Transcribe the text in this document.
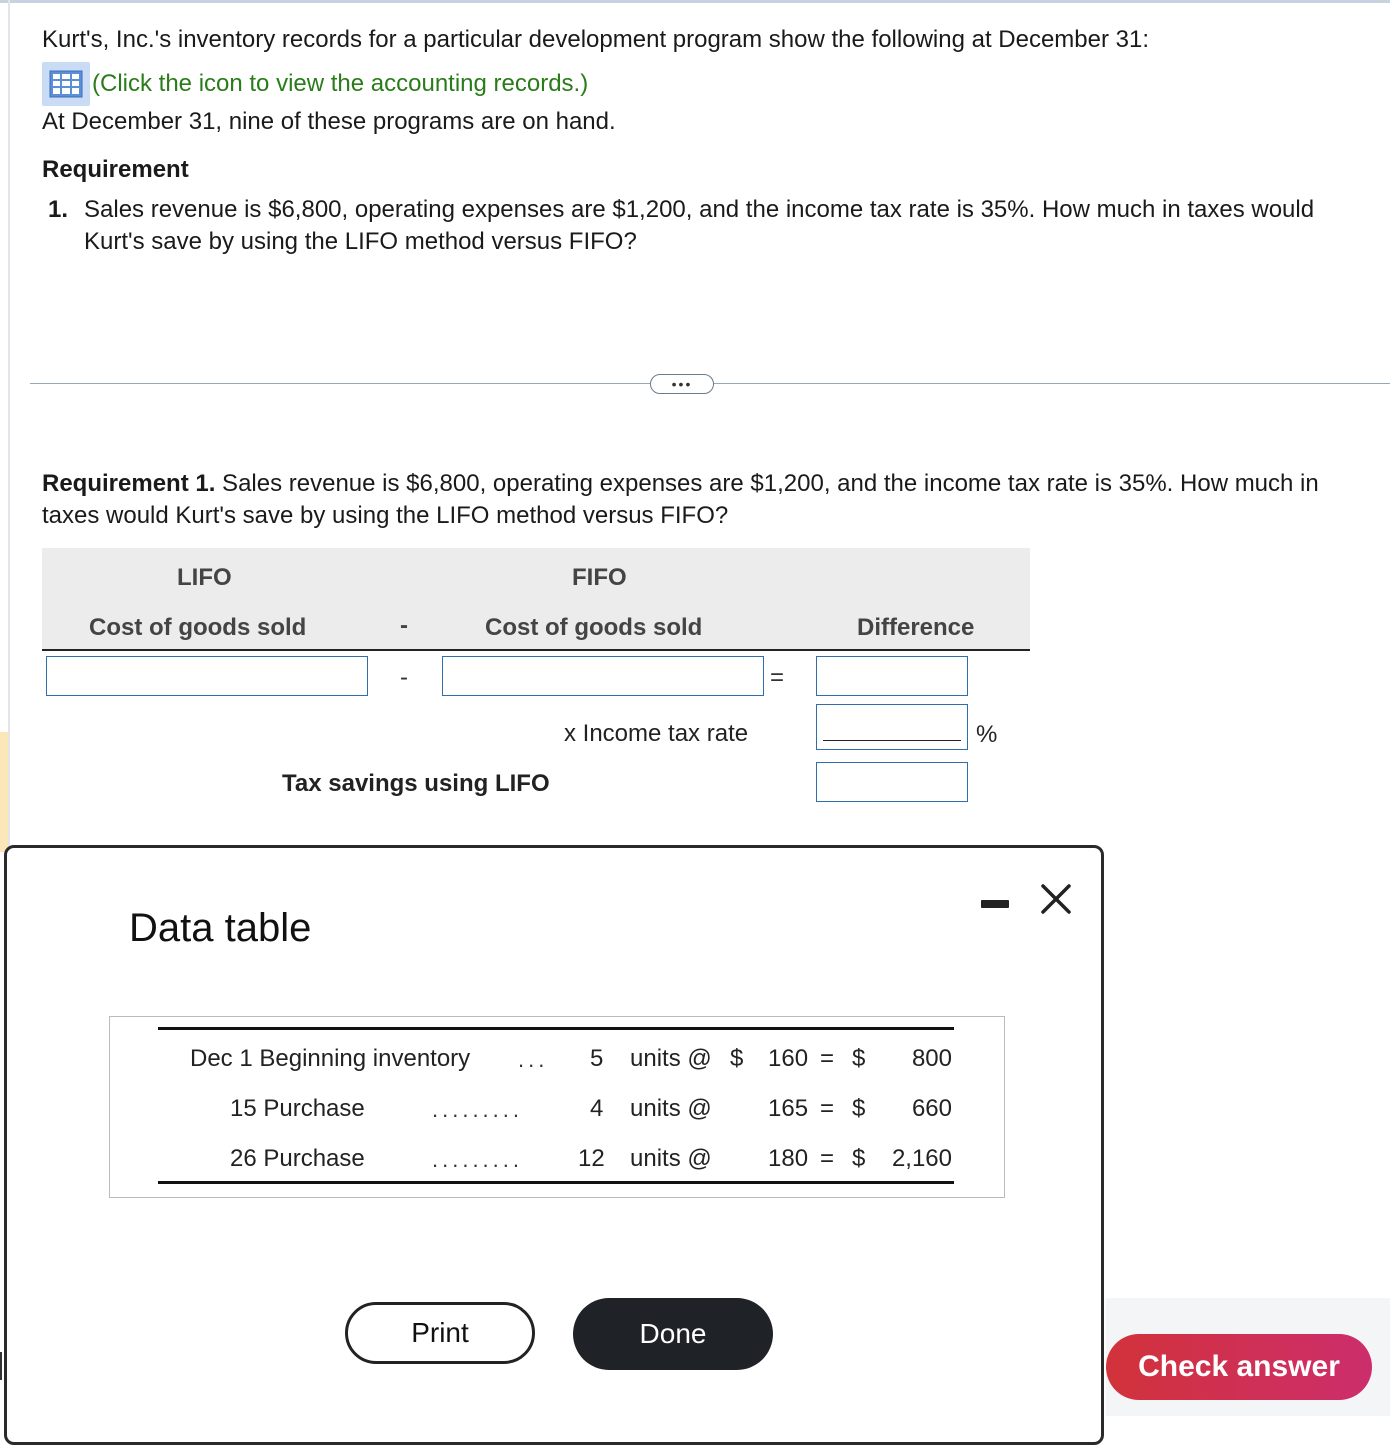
Kurt's, Inc.'s inventory records for a particular development program show the following at December 31:
(Click the icon to view the accounting records.)
At December 31, nine of these programs are on hand.
Requirement
1. Sales revenue is $6,800, operating expenses are $1,200, and the income tax rate is 35%. How much in taxes would Kurt's save by using the LIFO method versus FIFO?
•••
Requirement 1. Sales revenue is $6,800, operating expenses are $1,200, and the income tax rate is 35%. How much in taxes would Kurt's save by using the LIFO method versus FIFO?
LIFO	FIFO
Cost of goods sold	-	Cost of goods sold	Difference
-	=
x Income tax rate	%
Tax savings using LIFO
Data table
Dec 1 Beginning inventory ... 5 units @ $ 160 = $ 800
15 Purchase	.........	4 units @ 165 = $ 660
26 Purchase	......... 12 units @ 180 = $ 2,160
Print	Done
Check answer
